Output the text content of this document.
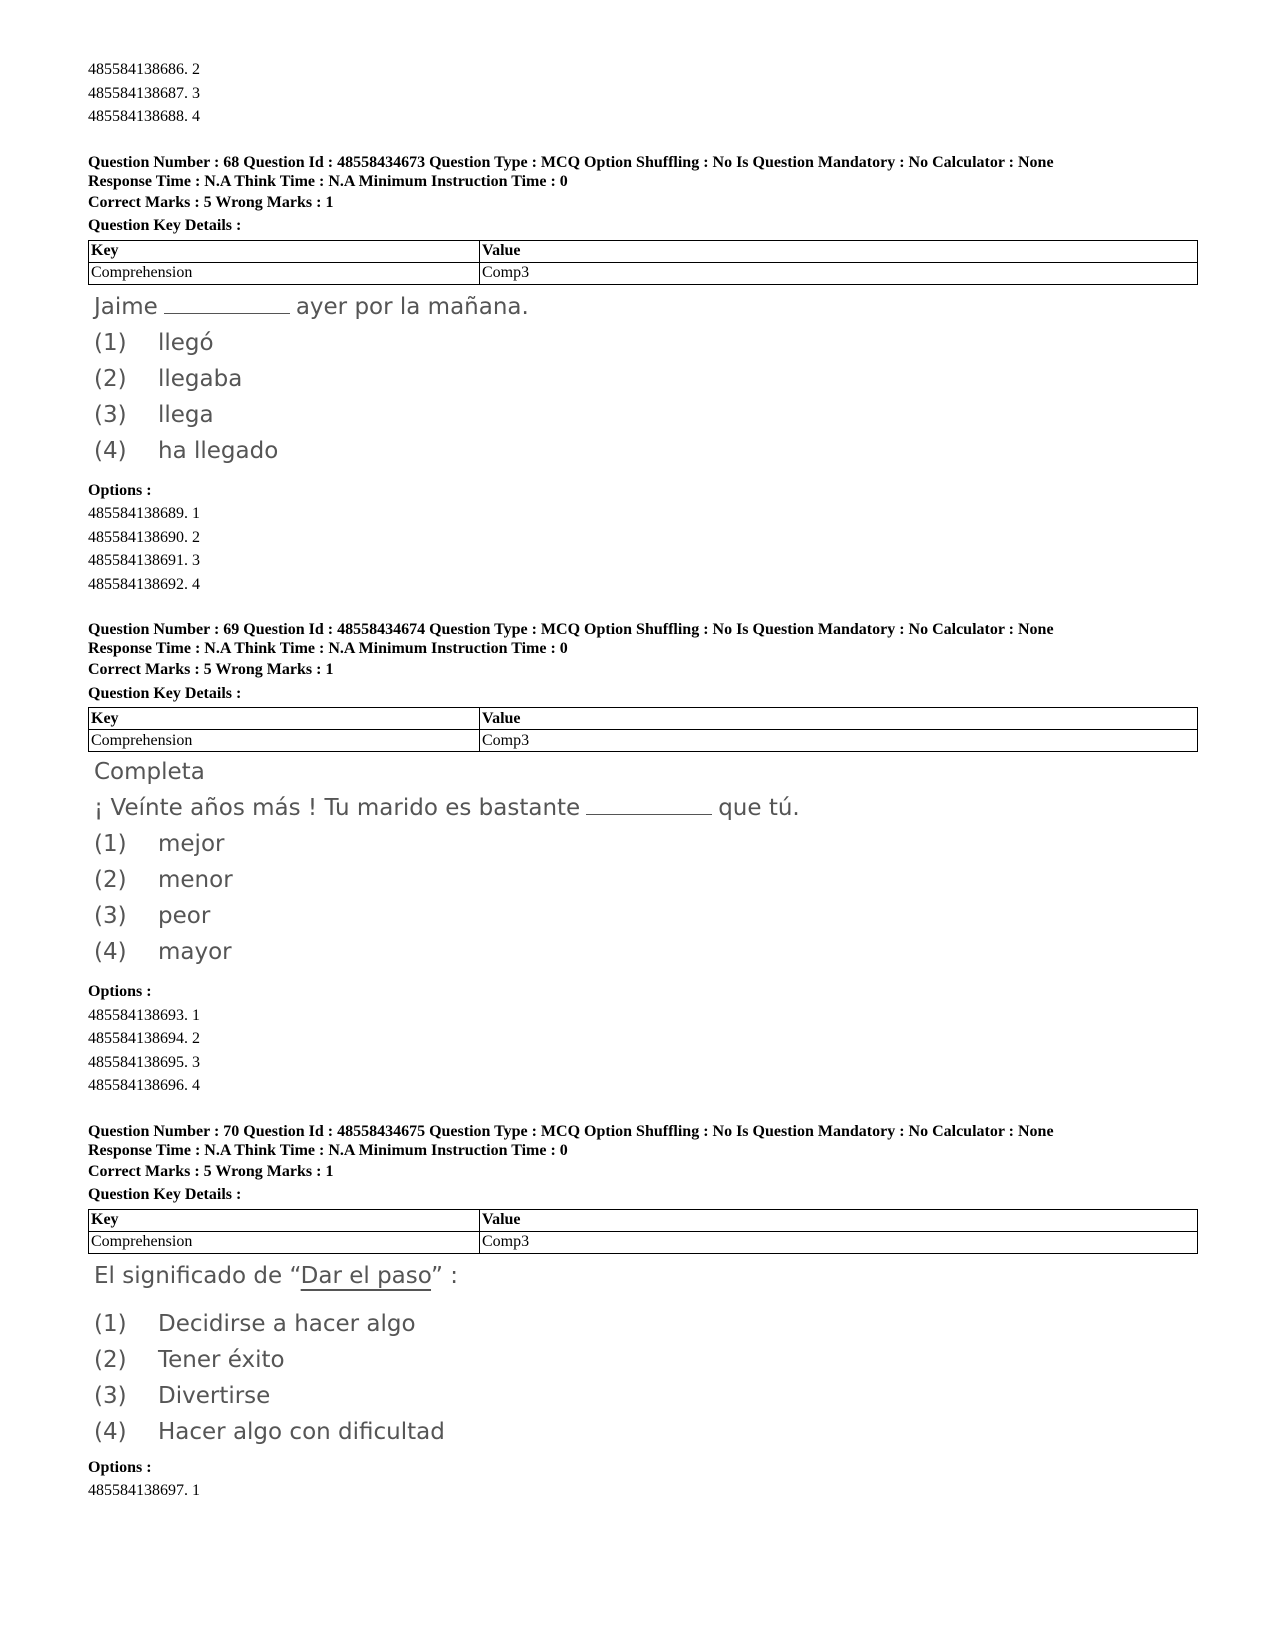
485584138686. 2
485584138687. 3
485584138688. 4
Question Number : 68 Question Id : 48558434673 Question Type : MCQ Option Shuffling : No Is Question Mandatory : No Calculator : None
Response Time : N.A Think Time : N.A Minimum Instruction Time : 0
Correct Marks : 5 Wrong Marks : 1
Question Key Details :
Key	Value
Comprehension	Comp3
Jaime	ayer por la mañana.
(1) llegó
(2) llegaba
(3) llega
(4) ha llegado
Options :
485584138689. 1
485584138690. 2
485584138691. 3
485584138692. 4
Question Number : 69 Question Id : 48558434674 Question Type : MCQ Option Shuffling : No Is Question Mandatory : No Calculator : None
Response Time : N.A Think Time : N.A Minimum Instruction Time : 0
Correct Marks : 5 Wrong Marks : 1
Question Key Details :
Key	Value
Comprehension	Comp3
Completa
¡ Veínte años más ! Tu marido es bastante	que tú.
(1) mejor
(2) menor
(3) peor
(4) mayor
Options :
485584138693. 1
485584138694. 2
485584138695. 3
485584138696. 4
Question Number : 70 Question Id : 48558434675 Question Type : MCQ Option Shuffling : No Is Question Mandatory : No Calculator : None
Response Time : N.A Think Time : N.A Minimum Instruction Time : 0
Correct Marks : 5 Wrong Marks : 1
Question Key Details :
Key	Value
Comprehension	Comp3
El significado de “Dar el paso” :
(1) Decidirse a hacer algo
(2) Tener éxito
(3) Divertirse
(4) Hacer algo con dificultad
Options :
485584138697. 1
